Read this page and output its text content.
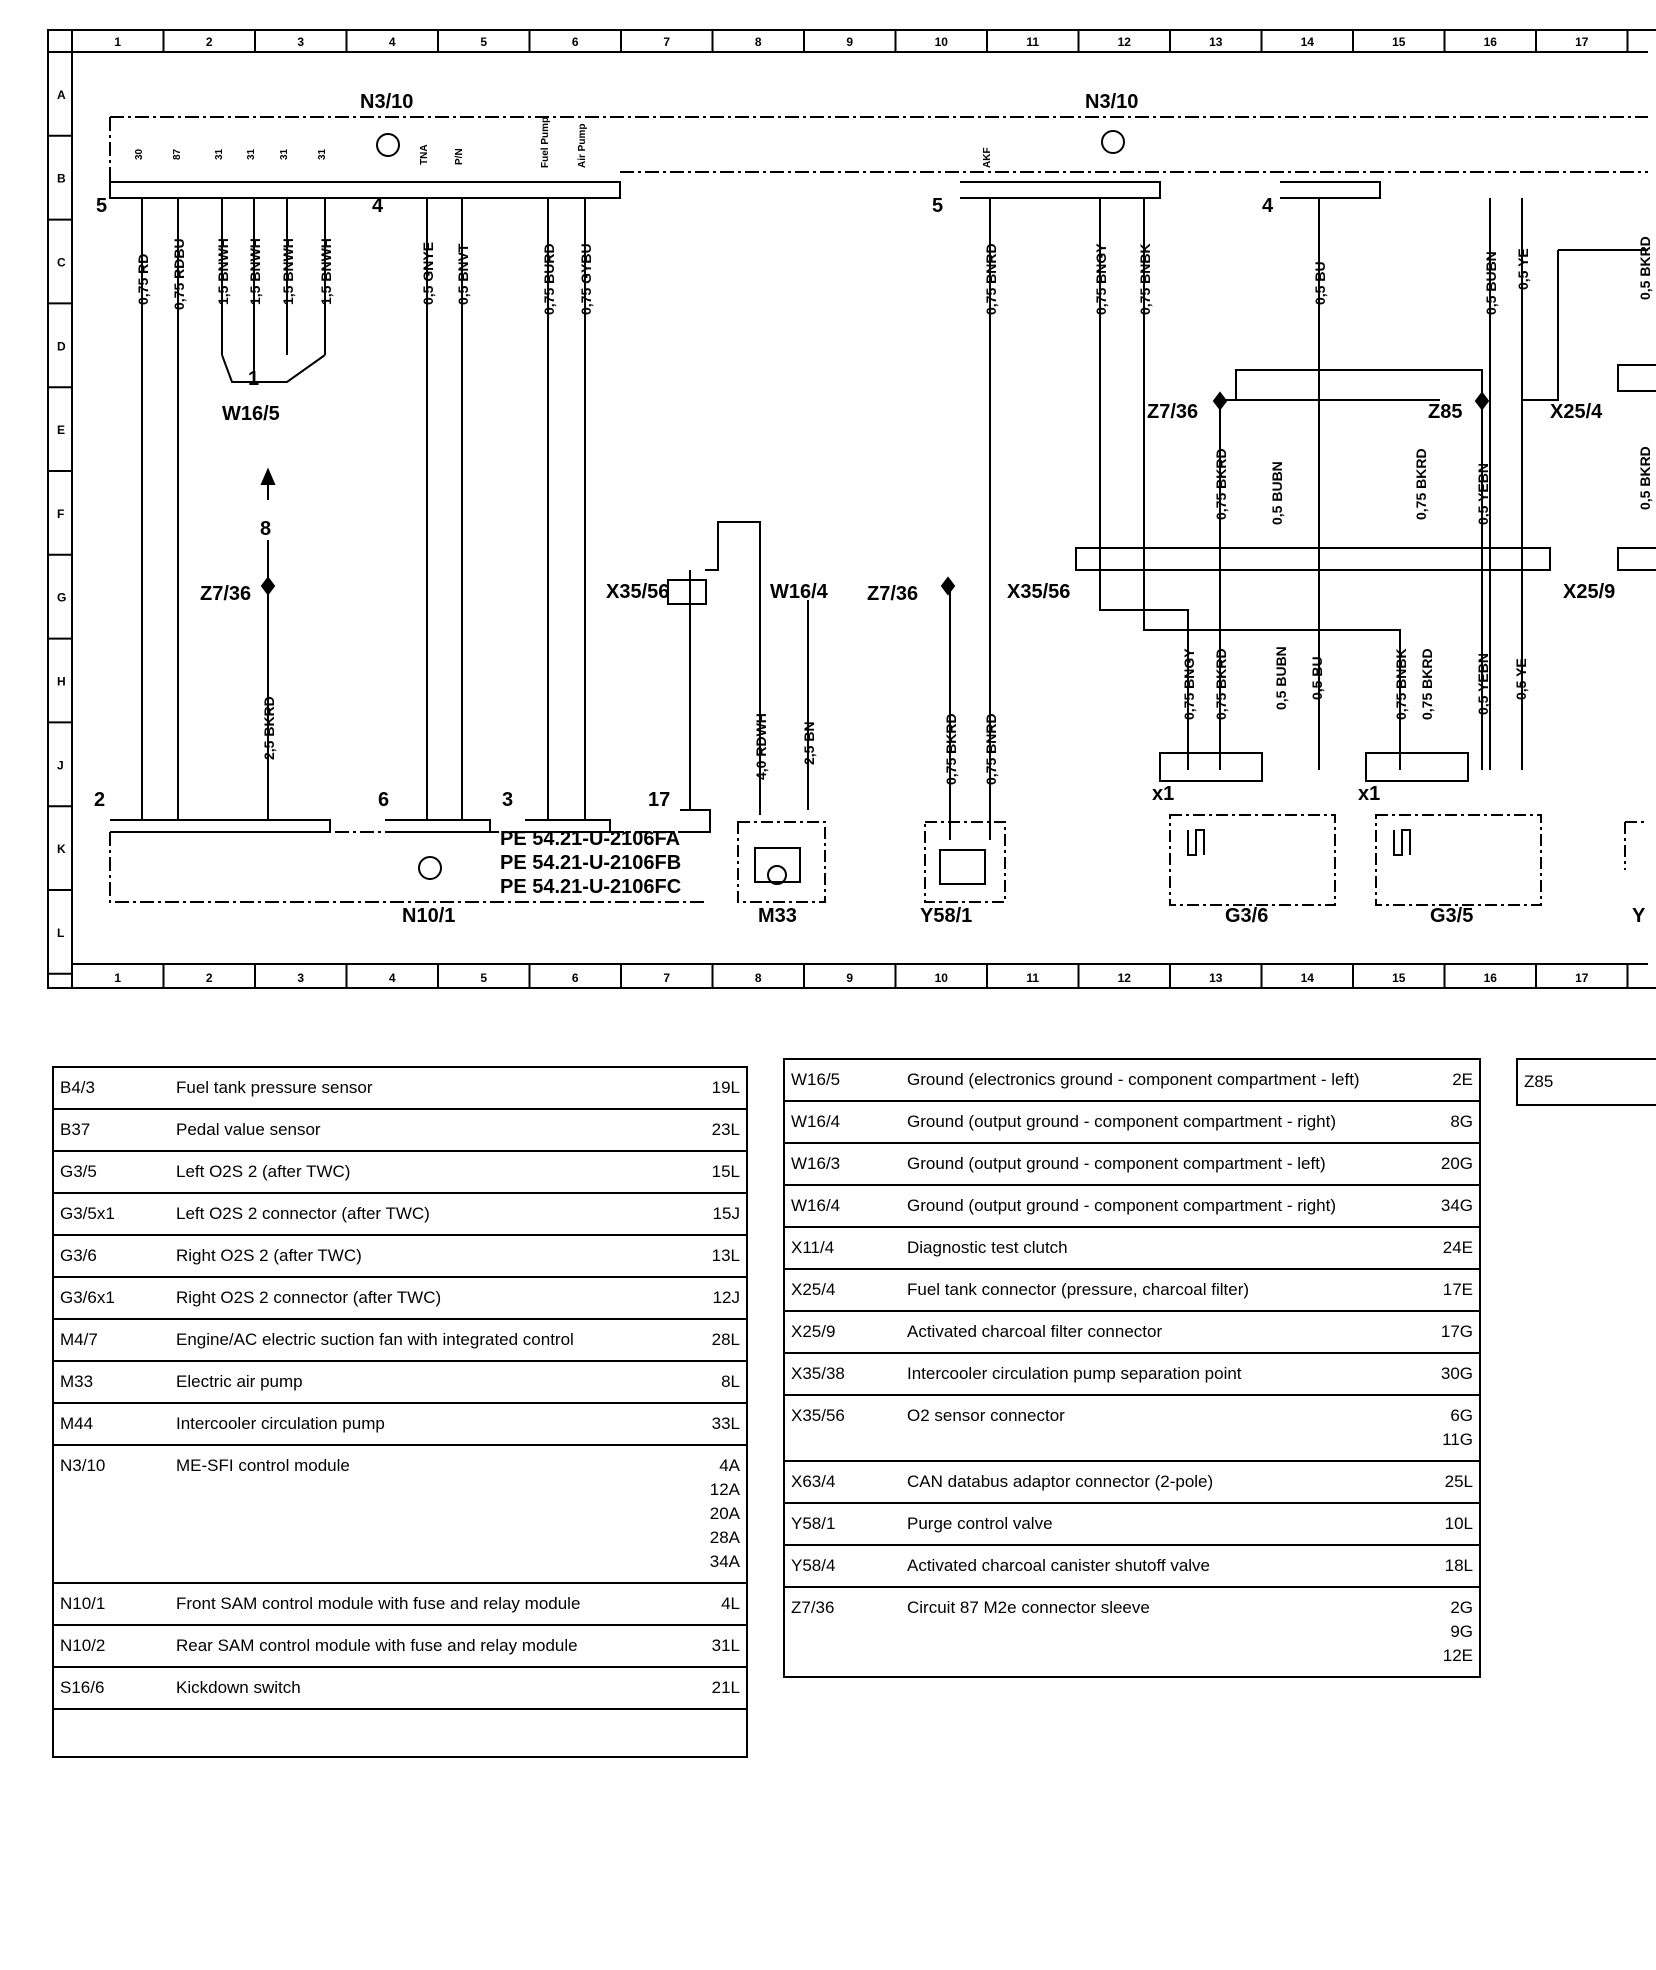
1	2	3	4	5	6	7	8	9	10	11	12	13	14	15	16	17
1	2	3	4	5	6	7	8	9	10	11	12	13	14	15	16	17
A
B
C
D
E
F
G
H
J
K
L
N3/10	N3/10
W16/5
Z7/36	Z7/36
Z7/36	Z85	X25/4
X25/9
X35/56	X35/56
W16/4
N10/1	M33	Y58/1	G3/6	G3/5
x1	x1
Y
5	4	5	4
2	6	3	17
8
1
30	87	31 31 31	31	TNA P/N	Fuel Pump	Air Pump	AKF
PE 54.21-U-2106FA
PE 54.21-U-2106FB
PE 54.21-U-2106FC
0,75 RD 0,75 RDBU 1,5 BNWH 1,5 BNWH 1,5 BNWH 1,5 BNWH	0,5 GNYE 0,5 BNVT	0,75 BURD 0,75 GYBU	0,75 BNRD	0,75 BNGY 0,75 BNBK	0,5 BU	0,5 BUBN 0,5 YE
2,5 BKRD	4,0 RDWH 2,5 BN	0,75 BKRD 0,75 BNRD
0,75 BKRD	0,5 BUBN	0,75 BKRD	0,5 YEBN
0,75 BNGY 0,75 BKRD	0,5 BUBN 0,5 BU	0,75 BNBK 0,75 BKRD	0,5 YEBN 0,5 YE
0,5 BKRD
0,5 BKRD
B4/3	Fuel tank pressure sensor	19L

B37	Pedal value sensor	23L

G3/5	Left O2S 2 (after TWC)	15L

G3/5x1	Left O2S 2 connector (after TWC)	15J

G3/6	Right O2S 2 (after TWC)	13L

G3/6x1	Right O2S 2 connector (after TWC)	12J

M4/7	Engine/AC electric suction fan with integrated control	28L

M33	Electric air pump	8L

M44	Intercooler circulation pump	33L

N3/10	ME-SFI control module	4A
12A
20A
28A
34A

N10/1	Front SAM control module with fuse and relay module	4L

N10/2	Rear SAM control module with fuse and relay module	31L

S16/6	Kickdown switch	21L

W16/5	Ground (electronics ground - component compartment - left)	2E

W16/4	Ground (output ground - component compartment - right)	8G

W16/3	Ground (output ground - component compartment - left)	20G

W16/4	Ground (output ground - component compartment - right)	34G

X11/4	Diagnostic test clutch	24E

X25/4	Fuel tank connector (pressure, charcoal filter)	17E

X25/9	Activated charcoal filter connector	17G

X35/38	Intercooler circulation pump separation point	30G

X35/56	O2 sensor connector	6G
11G

X63/4	CAN databus adaptor connector (2-pole)	25L

Y58/1	Purge control valve	10L

Y58/4	Activated charcoal canister shutoff valve	18L

Z7/36	Circuit 87 M2e connector sleeve	2G
9G
12E
Z85
